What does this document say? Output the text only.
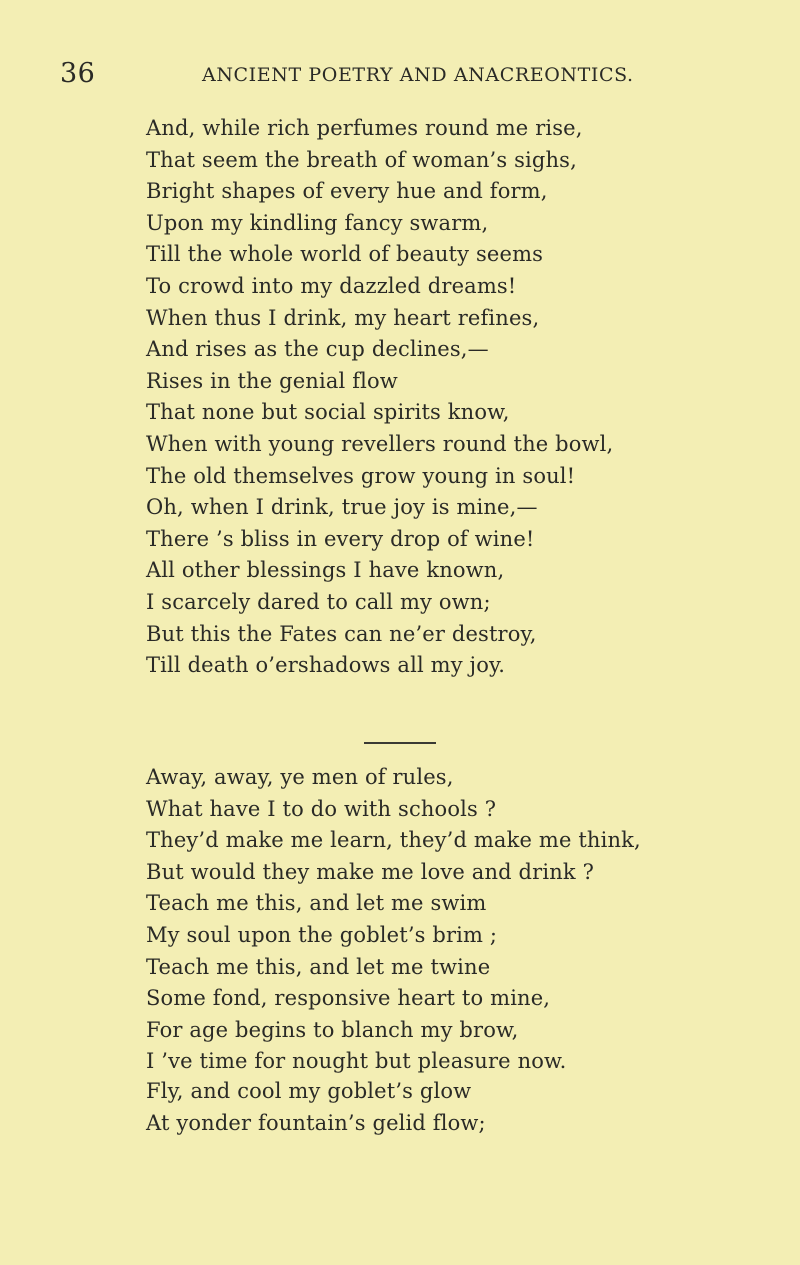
36	ANCIENT POETRY AND ANACREONTICS.
And, while rich perfumes round me rise,
That seem the breath of woman’s sighs,
Bright shapes of every hue and form,
Upon my kindling fancy swarm,
Till the whole world of beauty seems
To crowd into my dazzled dreams!
When thus I drink, my heart refines,
And rises as the cup declines,—
Rises in the genial flow
That none but social spirits know,
When with young revellers round the bowl,
The old themselves grow young in soul!
Oh, when I drink, true joy is mine,—
There ’s bliss in every drop of wine!
All other blessings I have known,
I scarcely dared to call my own;
But this the Fates can ne’er destroy,
Till death o’ershadows all my joy.
Away, away, ye men of rules,
What have I to do with schools ?
They’d make me learn, they’d make me think,
But would they make me love and drink ?
Teach me this, and let me swim
My soul upon the goblet’s brim ;
Teach me this, and let me twine
Some fond, responsive heart to mine,
For age begins to blanch my brow,
I ’ve time for nought but pleasure now.
Fly, and cool my goblet’s glow
At yonder fountain’s gelid flow;
